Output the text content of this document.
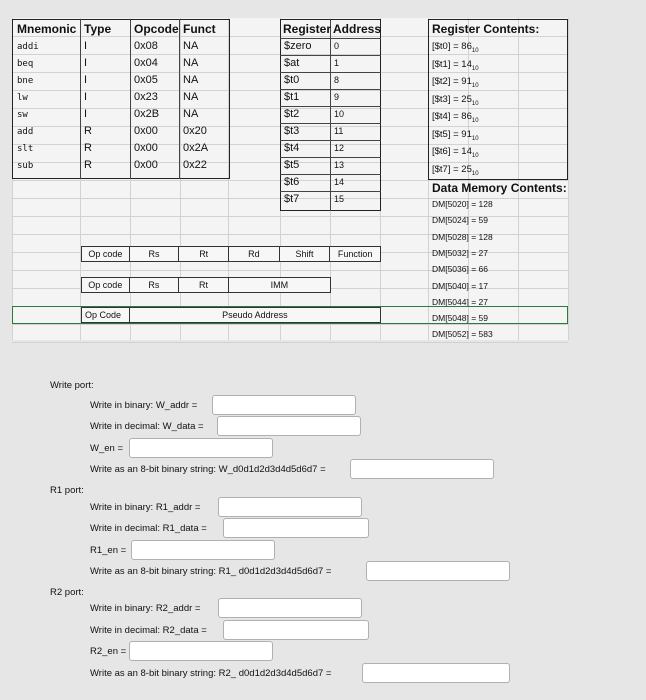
Mnemonic Type Opcode Funct
addi	I	0x08 NA
beq	I	0x04 NA
bne	I	0x05 NA
lw	I	0x23 NA
sw	I	0x2B NA
add	R	0x00 0x20
slt	R	0x00 0x2A
sub	R	0x00 0x22
Register Address
$zero 0
$at	1
$t0	8
$t1	9
$t2	10
$t3	11
$t4	12
$t5	13
$t6	14
$t7	15
Register Contents:
[$t0] = $86_{10}$
[$t1] = $14_{10}$
[$t2] = $91_{10}$
[$t3] = $25_{10}$
[$t4] = $86_{10}$
[$t5] = $91_{10}$
[$t6] = $14_{10}$
[$t7] = $25_{10}$
Data Memory Contents:
DM[5020] = 128
DM[5024] = 59
DM[5028] = 128
DM[5032] = 27
DM[5036] = 66
DM[5040] = 17
DM[5044] = 27
DM[5048] = 59
DM[5052] = 583
Op code	Rs	Rt	Rd	Shift	Function
Op code	Rs	Rt	IMM
Op Code	Pseudo Address
Write port:
Write in binary: W_addr =
Write in decimal: W_data =
W_en =
Write as an 8-bit binary string: W_d0d1d2d3d4d5d6d7 =
R1 port:
Write in binary: R1_addr =
Write in decimal: R1_data =
R1_en =
Write as an 8-bit binary string: R1_ d0d1d2d3d4d5d6d7 =
R2 port:
Write in binary: R2_addr =
Write in decimal: R2_data =
R2_en =
Write as an 8-bit binary string: R2_ d0d1d2d3d4d5d6d7 =
